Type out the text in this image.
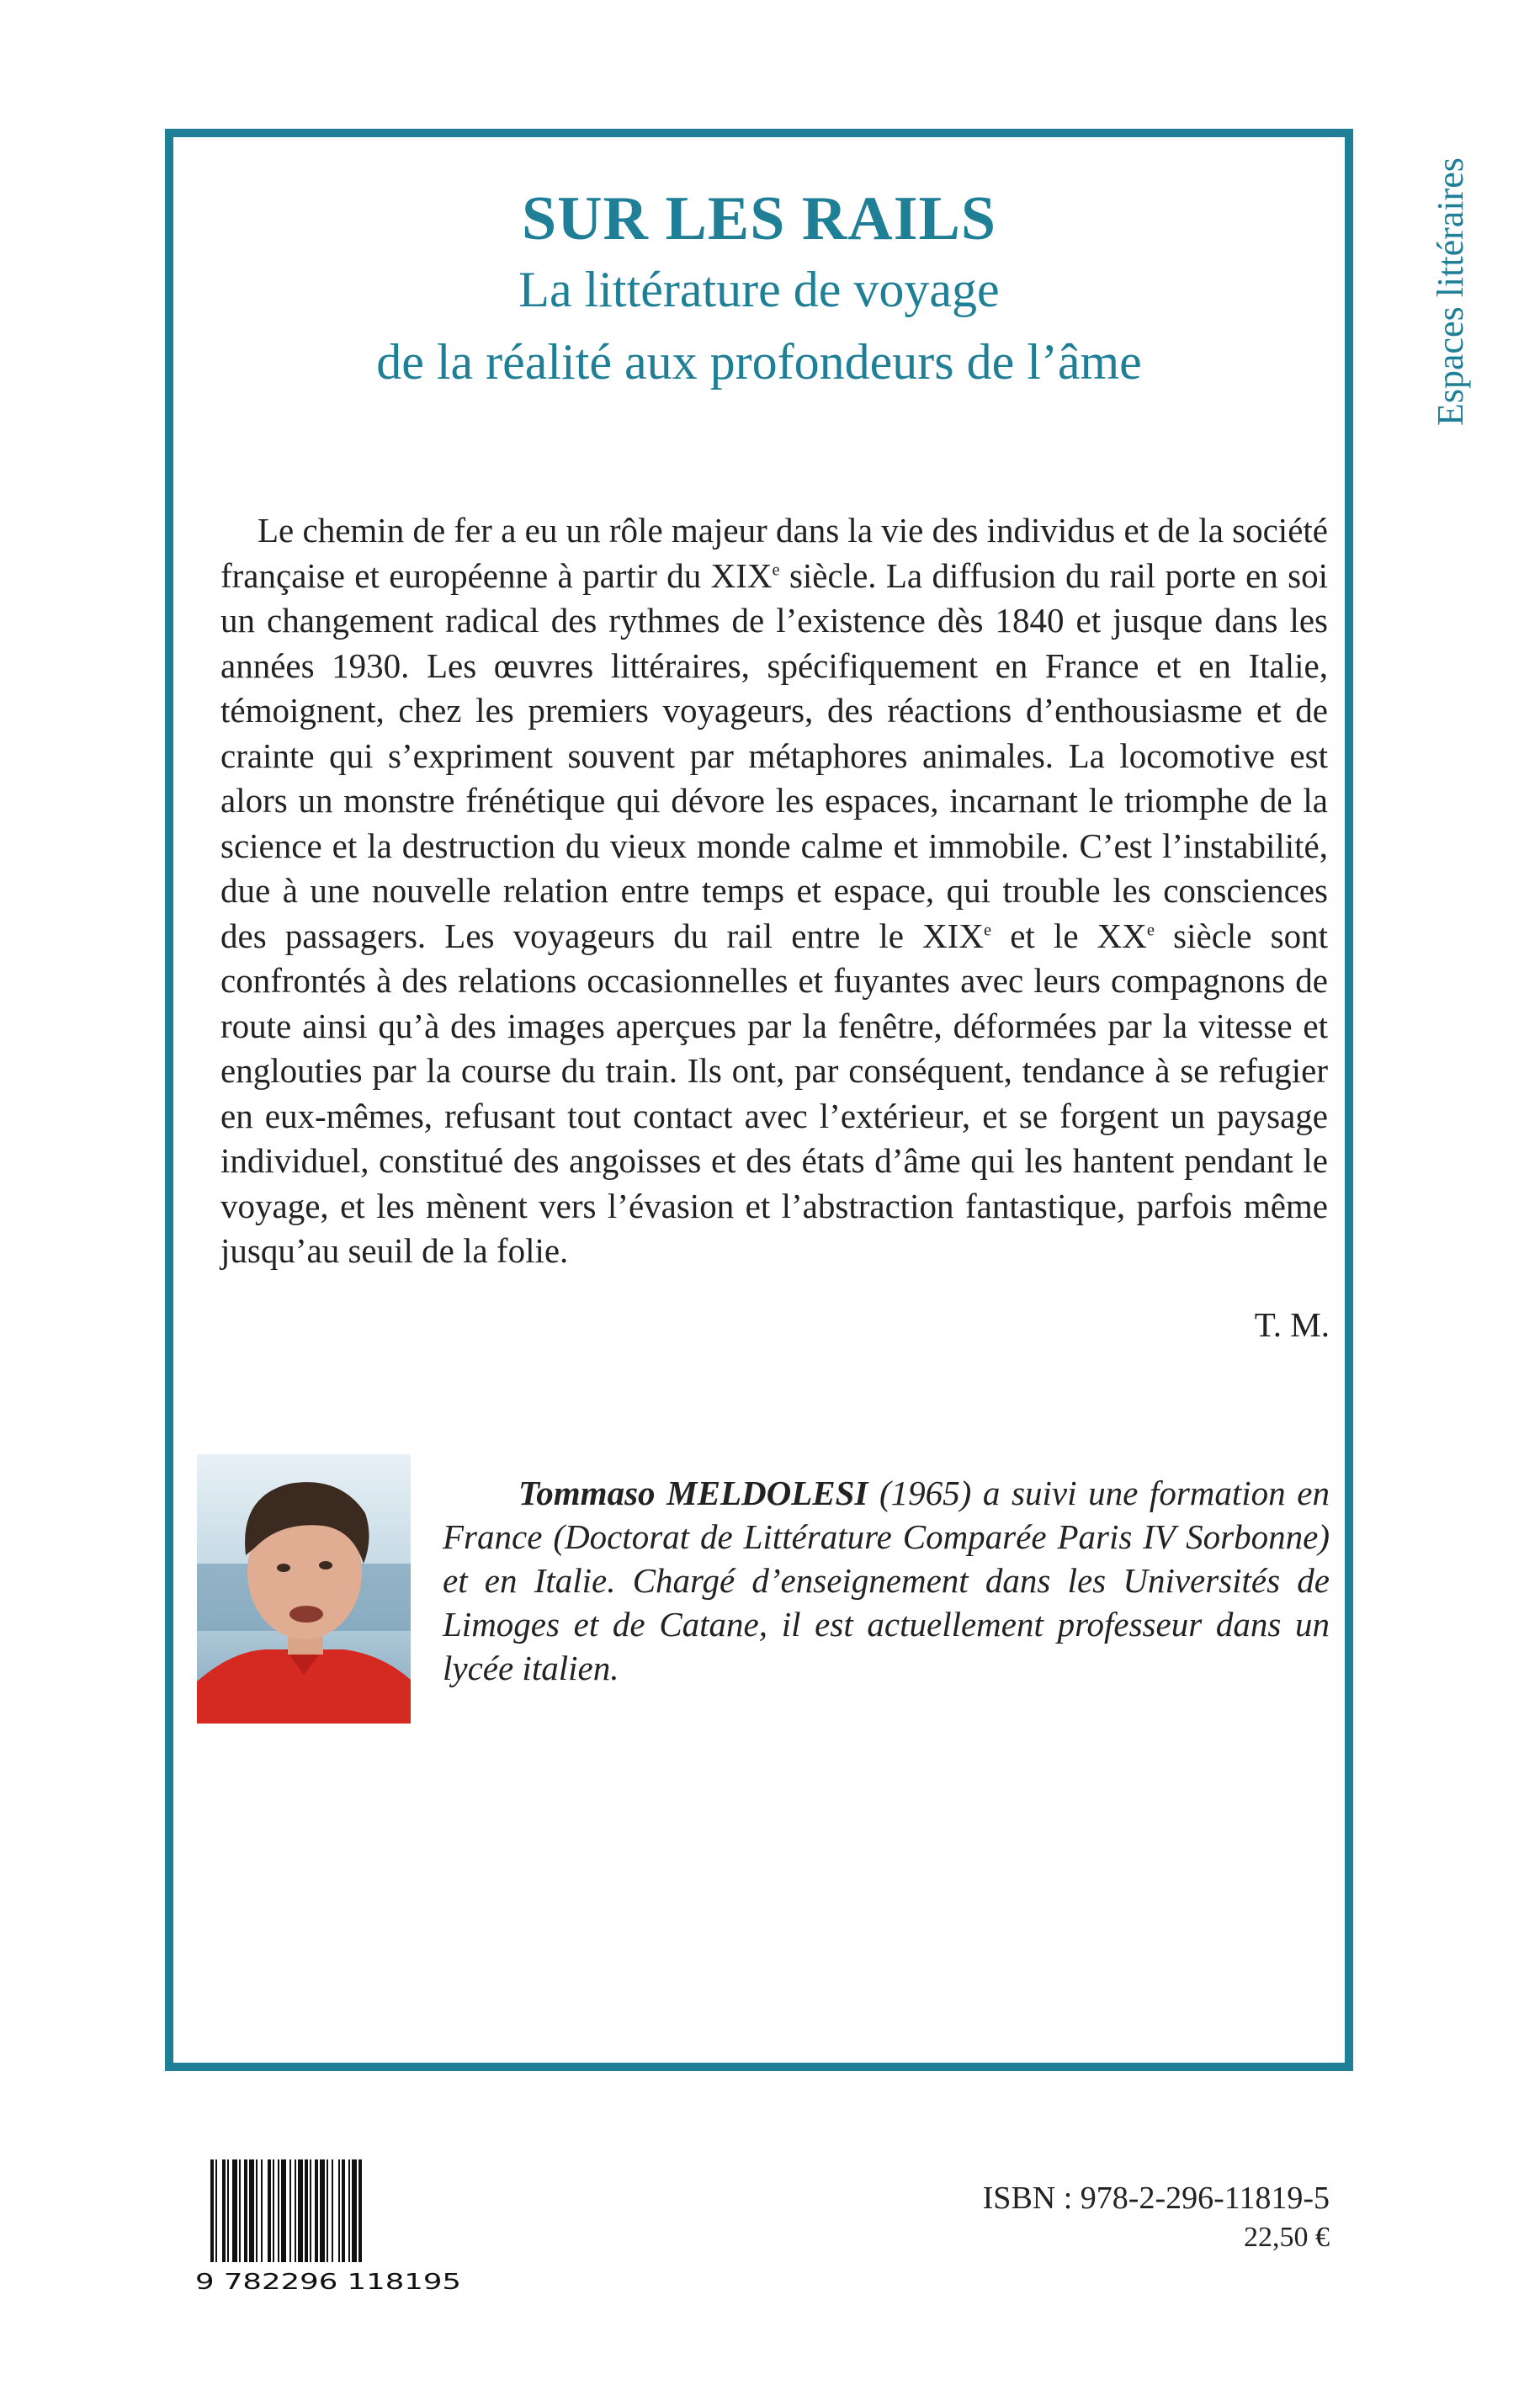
Espaces littéraires
SUR LES RAILS
La littérature de voyage
de la réalité aux profondeurs de l’âme
Le chemin de fer a eu un rôle majeur dans la vie des individus et de la société française et européenne à partir du XIXe siècle. La diffusion du rail porte en soi un changement radical des rythmes de l’existence dès 1840 et jusque dans les années 1930. Les œuvres littéraires, spécifiquement en France et en Italie, témoignent, chez les premiers voyageurs, des réactions d’enthousiasme et de crainte qui s’expriment souvent par métaphores animales. La locomotive est alors un monstre frénétique qui dévore les espaces, incarnant le triomphe de la science et la destruction du vieux monde calme et immobile. C’est l’instabilité, due à une nouvelle relation entre temps et espace, qui trouble les consciences des passagers. Les voyageurs du rail entre le XIXe et le XXe siècle sont confrontés à des relations occasionnelles et fuyantes avec leurs compagnons de route ainsi qu’à des images aperçues par la fenêtre, déformées par la vitesse et englouties par la course du train. Ils ont, par conséquent, tendance à se refugier en eux-mêmes, refusant tout contact avec l’extérieur, et se forgent un paysage individuel, constitué des angoisses et des états d’âme qui les hantent pendant le voyage, et les mènent vers l’évasion et l’abstraction fantastique, parfois même jusqu’au seuil de la folie.
T. M.
Tommaso MELDOLESI (1965) a suivi une formation en France (Doctorat de Littérature Comparée Paris IV Sorbonne) et en Italie. Chargé d’enseignement dans les Universités de Limoges et de Catane, il est actuellement professeur dans un lycée italien.
9 782296 118195
ISBN : 978-2-296-11819-5
22,50 €
